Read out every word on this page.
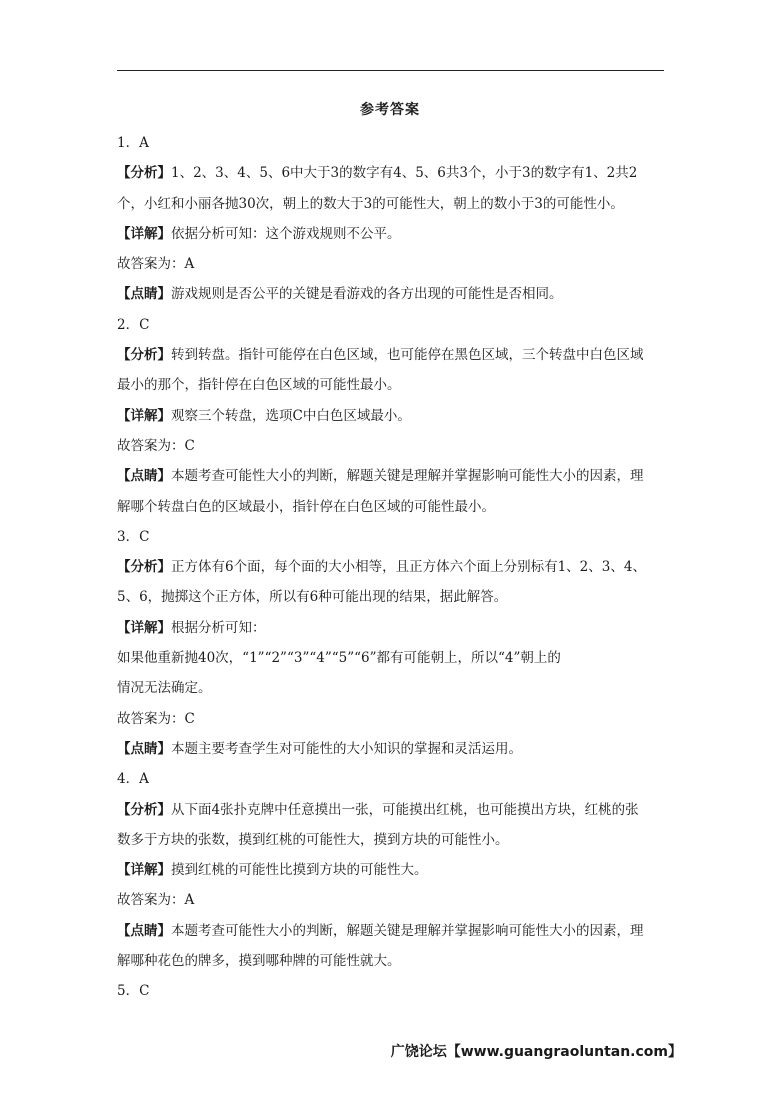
参考答案
1．A
【分析】1、2、3、4、5、6中大于3的数字有4、5、6共3个，小于3的数字有1、2共2
个，小红和小丽各抛30次，朝上的数大于3的可能性大，朝上的数小于3的可能性小。
【详解】依据分析可知：这个游戏规则不公平。
故答案为：A
【点睛】游戏规则是否公平的关键是看游戏的各方出现的可能性是否相同。
2．C
【分析】转到转盘。指针可能停在白色区域，也可能停在黑色区域，三个转盘中白色区域
最小的那个，指针停在白色区域的可能性最小。
【详解】观察三个转盘，选项C中白色区域最小。
故答案为：C
【点睛】本题考查可能性大小的判断，解题关键是理解并掌握影响可能性大小的因素，理
解哪个转盘白色的区域最小，指针停在白色区域的可能性最小。
3．C
【分析】正方体有6个面，每个面的大小相等，且正方体六个面上分别标有1、2、3、4、
5、6，抛掷这个正方体，所以有6种可能出现的结果，据此解答。
【详解】根据分析可知：
如果他重新抛40次，“1”“2”“3”“4”“5”“6”都有可能朝上，所以“4”朝上的
情况无法确定。
故答案为：C
【点睛】本题主要考查学生对可能性的大小知识的掌握和灵活运用。
4．A
【分析】从下面4张扑克牌中任意摸出一张，可能摸出红桃，也可能摸出方块，红桃的张
数多于方块的张数，摸到红桃的可能性大，摸到方块的可能性小。
【详解】摸到红桃的可能性比摸到方块的可能性大。
故答案为：A
【点睛】本题考查可能性大小的判断，解题关键是理解并掌握影响可能性大小的因素，理
解哪种花色的牌多，摸到哪种牌的可能性就大。
5．C
广饶论坛【www.guangraoluntan.com】
